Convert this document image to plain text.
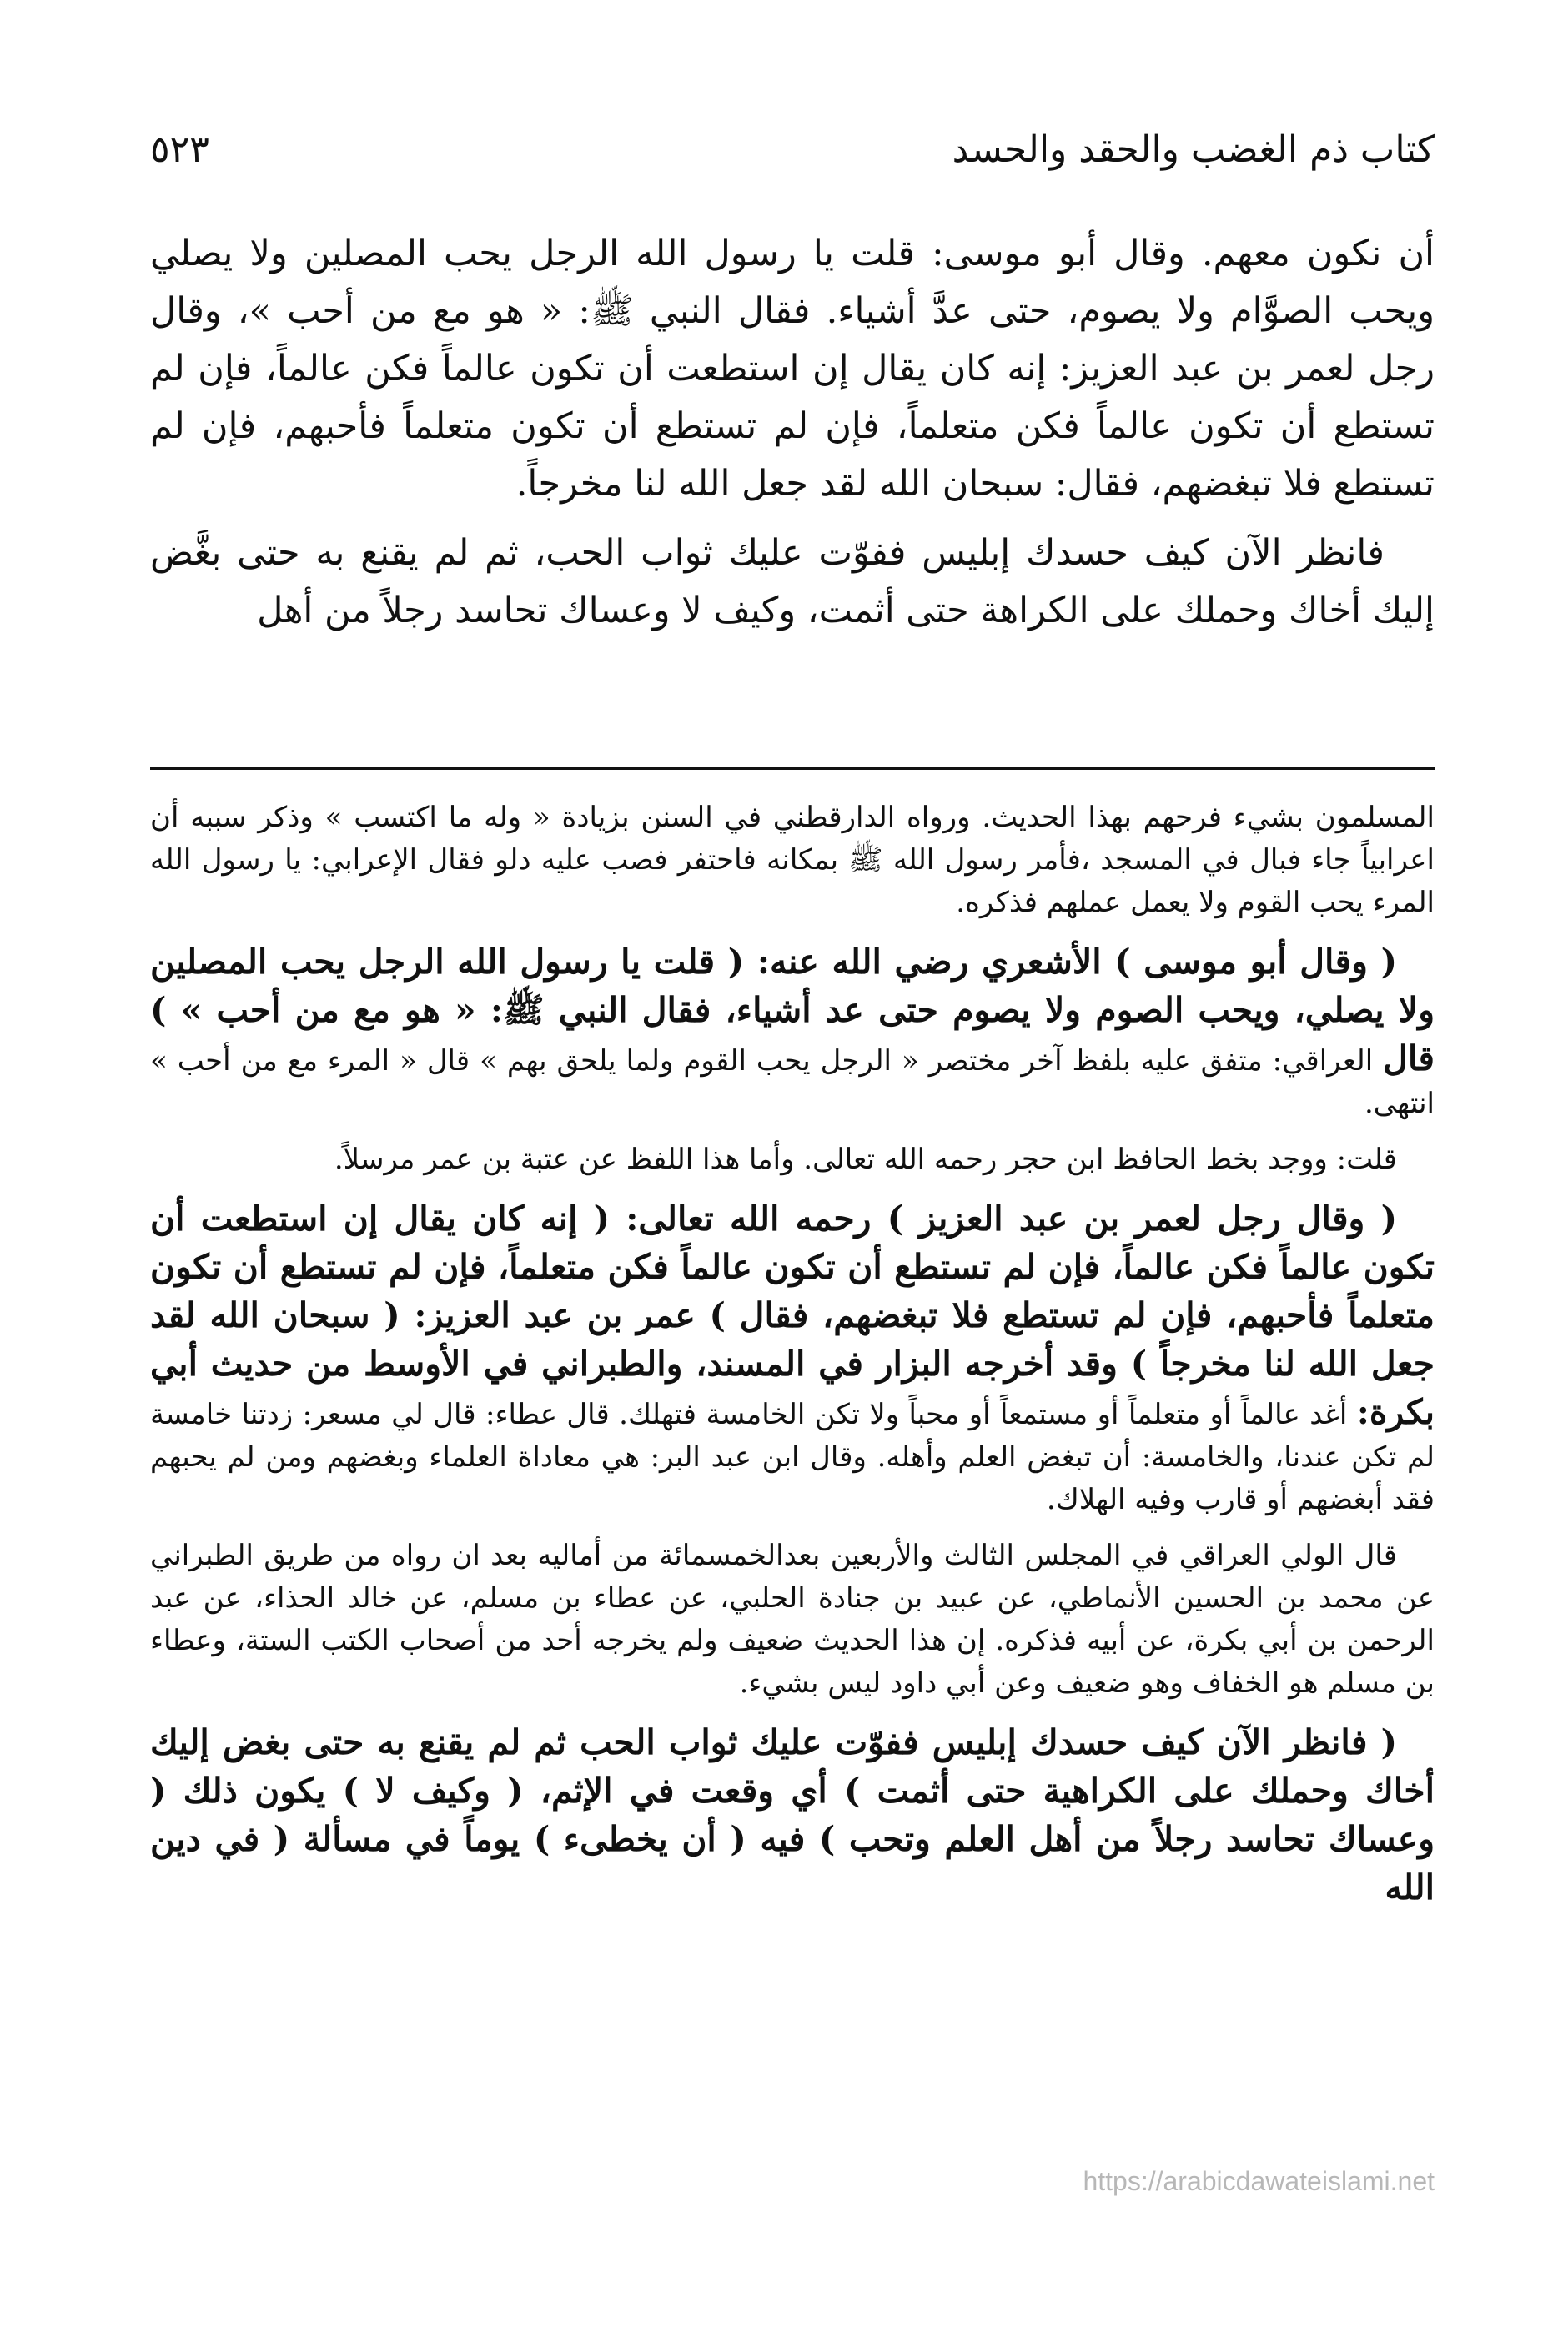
كتاب ذم الغضب والحقد والحسد
٥٢٣

أن نكون معهم. وقال أبو موسى: قلت يا رسول الله الرجل يحب المصلين ولا يصلي ويحب الصوَّام ولا يصوم، حتى عدَّ أشياء. فقال النبي ﷺ: « هو مع من أحب »، وقال رجل لعمر بن عبد العزيز: إنه كان يقال إن استطعت أن تكون عالماً فكن عالماً، فإن لم تستطع أن تكون عالماً فكن متعلماً، فإن لم تستطع أن تكون متعلماً فأحبهم، فإن لم تستطع فلا تبغضهم، فقال: سبحان الله لقد جعل الله لنا مخرجاً.

فانظر الآن كيف حسدك إبليس ففوّت عليك ثواب الحب، ثم لم يقنع به حتى بغَّض إليك أخاك وحملك على الكراهة حتى أثمت، وكيف لا وعساك تحاسد رجلاً من أهل

المسلمون بشيء فرحهم بهذا الحديث. ورواه الدارقطني في السنن بزيادة « وله ما اكتسب » وذكر سببه أن اعرابياً جاء فبال في المسجد ،فأمر رسول الله ﷺ بمكانه فاحتفر فصب عليه دلو فقال الإعرابي: يا رسول الله المرء يحب القوم ولا يعمل عملهم فذكره.

( وقال أبو موسى ) الأشعري رضي الله عنه: ( قلت يا رسول الله الرجل يحب المصلين ولا يصلي، ويحب الصوم ولا يصوم حتى عد أشياء، فقال النبي ﷺ: « هو مع من أحب » ) قال العراقي: متفق عليه بلفظ آخر مختصر « الرجل يحب القوم ولما يلحق بهم » قال « المرء مع من أحب » انتهى.

قلت: ووجد بخط الحافظ ابن حجر رحمه الله تعالى. وأما هذا اللفظ عن عتبة بن عمر مرسلاً.

( وقال رجل لعمر بن عبد العزيز ) رحمه الله تعالى: ( إنه كان يقال إن استطعت أن تكون عالماً فكن عالماً، فإن لم تستطع أن تكون عالماً فكن متعلماً، فإن لم تستطع أن تكون متعلماً فأحبهم، فإن لم تستطع فلا تبغضهم، فقال ) عمر بن عبد العزيز: ( سبحان الله لقد جعل الله لنا مخرجاً ) وقد أخرجه البزار في المسند، والطبراني في الأوسط من حديث أبي بكرة: أغد عالماً أو متعلماً أو مستمعاً أو محباً ولا تكن الخامسة فتهلك. قال عطاء: قال لي مسعر: زدتنا خامسة لم تكن عندنا، والخامسة: أن تبغض العلم وأهله. وقال ابن عبد البر: هي معاداة العلماء وبغضهم ومن لم يحبهم فقد أبغضهم أو قارب وفيه الهلاك.

قال الولي العراقي في المجلس الثالث والأربعين بعدالخمسمائة من أماليه بعد ان رواه من طريق الطبراني عن محمد بن الحسين الأنماطي، عن عبيد بن جنادة الحلبي، عن عطاء بن مسلم، عن خالد الحذاء، عن عبد الرحمن بن أبي بكرة، عن أبيه فذكره. إن هذا الحديث ضعيف ولم يخرجه أحد من أصحاب الكتب الستة، وعطاء بن مسلم هو الخفاف وهو ضعيف وعن أبي داود ليس بشيء.

( فانظر الآن كيف حسدك إبليس ففوّت عليك ثواب الحب ثم لم يقنع به حتى بغض إليك أخاك وحملك على الكراهية حتى أثمت ) أي وقعت في الإثم، ( وكيف لا ) يكون ذلك ( وعساك تحاسد رجلاً من أهل العلم وتحب ) فيه ( أن يخطىء ) يوماً في مسألة ( في دين الله

https://arabicdawateislami.net
